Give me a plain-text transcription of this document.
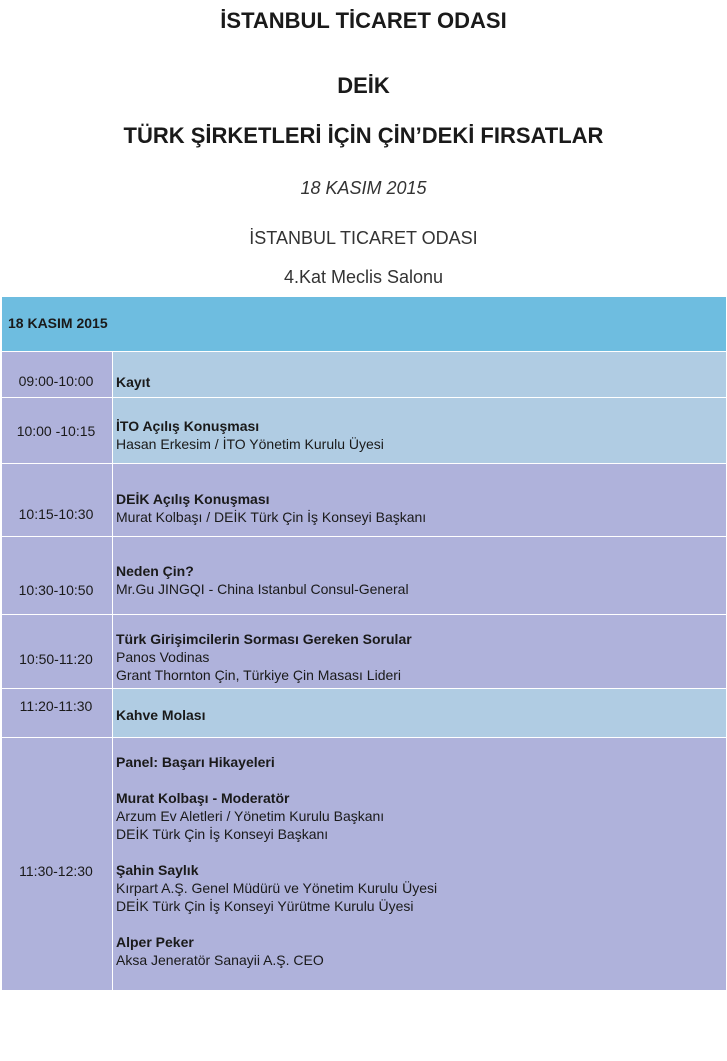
İSTANBUL TİCARET ODASI
DEİK
TÜRK ŞİRKETLERİ İÇİN ÇİN’DEKİ FIRSATLAR
18 KASIM 2015
İSTANBUL TICARET ODASI
4.Kat Meclis Salonu
18 KASIM 2015
09:00-10:00	Kayıt
10:00 -10:15	İTO Açılış Konuşması
Hasan Erkesim / İTO Yönetim Kurulu Üyesi
10:15-10:30
DEİK Açılış Konuşması
Murat Kolbaşı / DEİK Türk Çin İş Konseyi Başkanı
10:30-10:50
Neden Çin?
Mr.Gu JINGQI - China Istanbul Consul-General
10:50-11:20
Türk Girişimcilerin Sorması Gereken Sorular
Panos Vodinas
Grant Thornton Çin, Türkiye Çin Masası Lideri
11:20-11:30
Kahve Molası
11:30-12:30
Panel: Başarı Hikayeleri
Murat Kolbaşı - Moderatör
Arzum Ev Aletleri / Yönetim Kurulu Başkanı
DEİK Türk Çin İş Konseyi Başkanı
Şahin Saylık
Kırpart A.Ş. Genel Müdürü ve Yönetim Kurulu Üyesi
DEİK Türk Çin İş Konseyi Yürütme Kurulu Üyesi
Alper Peker
Aksa Jeneratör Sanayii A.Ş. CEO
